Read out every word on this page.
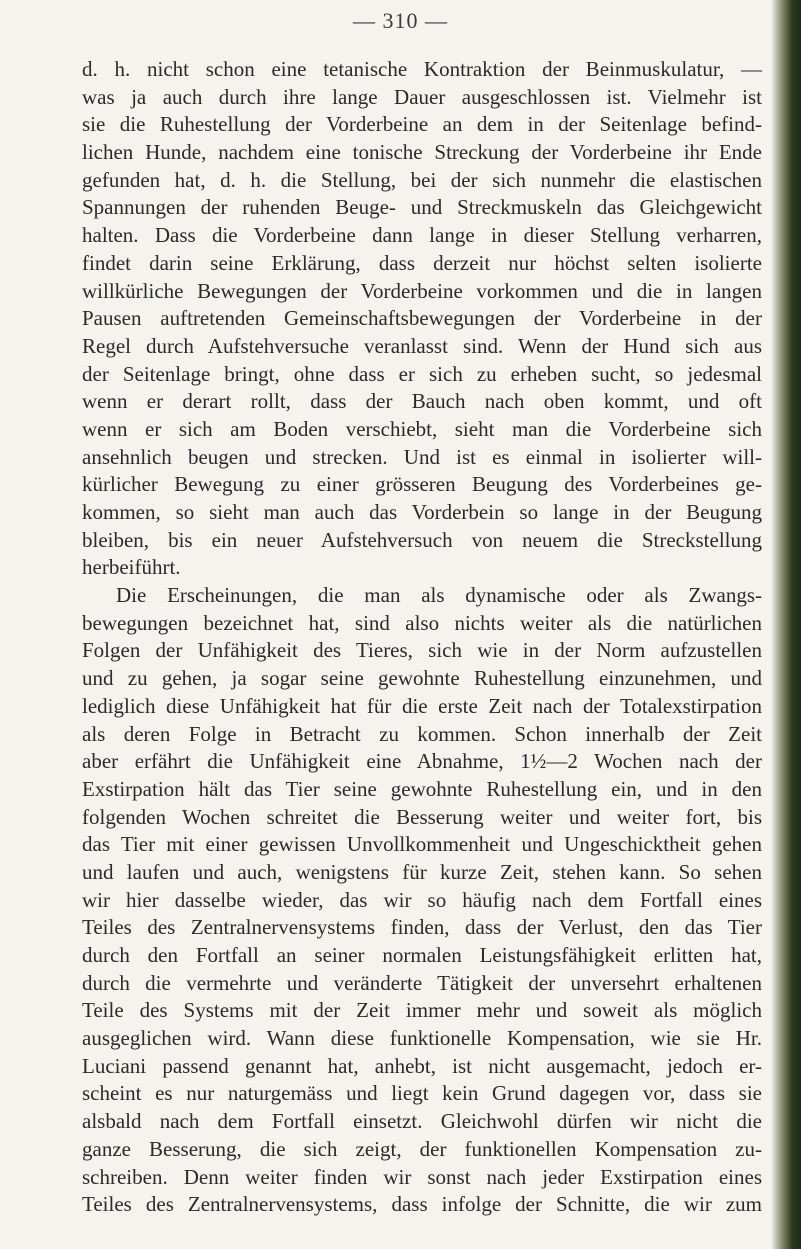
— 310 —
d. h. nicht schon eine tetanische Kontraktion der Beinmuskulatur, —
was ja auch durch ihre lange Dauer ausgeschlossen ist. Vielmehr ist
sie die Ruhestellung der Vorderbeine an dem in der Seitenlage befind-
lichen Hunde, nachdem eine tonische Streckung der Vorderbeine ihr Ende
gefunden hat, d. h. die Stellung, bei der sich nunmehr die elastischen
Spannungen der ruhenden Beuge- und Streckmuskeln das Gleichgewicht
halten. Dass die Vorderbeine dann lange in dieser Stellung verharren,
findet darin seine Erklärung, dass derzeit nur höchst selten isolierte
willkürliche Bewegungen der Vorderbeine vorkommen und die in langen
Pausen auftretenden Gemeinschaftsbewegungen der Vorderbeine in der
Regel durch Aufstehversuche veranlasst sind. Wenn der Hund sich aus
der Seitenlage bringt, ohne dass er sich zu erheben sucht, so jedesmal
wenn er derart rollt, dass der Bauch nach oben kommt, und oft
wenn er sich am Boden verschiebt, sieht man die Vorderbeine sich
ansehnlich beugen und strecken. Und ist es einmal in isolierter will-
kürlicher Bewegung zu einer grösseren Beugung des Vorderbeines ge-
kommen, so sieht man auch das Vorderbein so lange in der Beugung
bleiben, bis ein neuer Aufstehversuch von neuem die Streckstellung
herbeiführt.
Die Erscheinungen, die man als dynamische oder als Zwangs-
bewegungen bezeichnet hat, sind also nichts weiter als die natürlichen
Folgen der Unfähigkeit des Tieres, sich wie in der Norm aufzustellen
und zu gehen, ja sogar seine gewohnte Ruhestellung einzunehmen, und
lediglich diese Unfähigkeit hat für die erste Zeit nach der Totalexstirpation
als deren Folge in Betracht zu kommen. Schon innerhalb der Zeit
aber erfährt die Unfähigkeit eine Abnahme, 1½—2 Wochen nach der
Exstirpation hält das Tier seine gewohnte Ruhestellung ein, und in den
folgenden Wochen schreitet die Besserung weiter und weiter fort, bis
das Tier mit einer gewissen Unvollkommenheit und Ungeschicktheit gehen
und laufen und auch, wenigstens für kurze Zeit, stehen kann. So sehen
wir hier dasselbe wieder, das wir so häufig nach dem Fortfall eines
Teiles des Zentralnervensystems finden, dass der Verlust, den das Tier
durch den Fortfall an seiner normalen Leistungsfähigkeit erlitten hat,
durch die vermehrte und veränderte Tätigkeit der unversehrt erhaltenen
Teile des Systems mit der Zeit immer mehr und soweit als möglich
ausgeglichen wird. Wann diese funktionelle Kompensation, wie sie Hr.
Luciani passend genannt hat, anhebt, ist nicht ausgemacht, jedoch er-
scheint es nur naturgemäss und liegt kein Grund dagegen vor, dass sie
alsbald nach dem Fortfall einsetzt. Gleichwohl dürfen wir nicht die
ganze Besserung, die sich zeigt, der funktionellen Kompensation zu-
schreiben. Denn weiter finden wir sonst nach jeder Exstirpation eines
Teiles des Zentralnervensystems, dass infolge der Schnitte, die wir zum
